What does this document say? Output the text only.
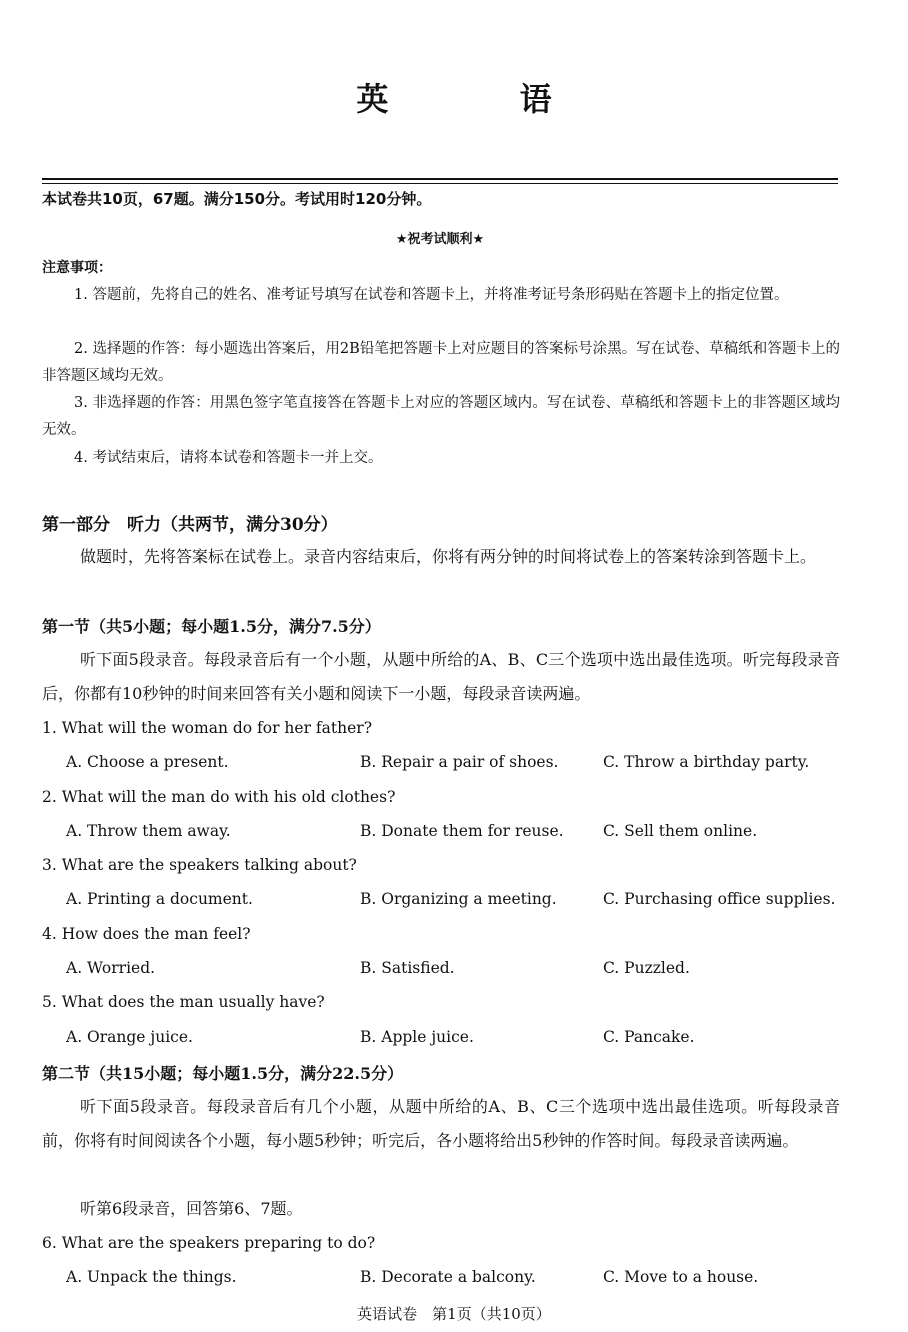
英 语

本试卷共10页，67题。满分150分。考试用时120分钟。

★祝考试顺利★

注意事项：

1. 答题前，先将自己的姓名、准考证号填写在试卷和答题卡上，并将准考证号条形码贴在答题卡上的指定位置。

2. 选择题的作答：每小题选出答案后，用2B铅笔把答题卡上对应题目的答案标号涂黑。写在试卷、草稿纸和答题卡上的非答题区域均无效。

3. 非选择题的作答：用黑色签字笔直接答在答题卡上对应的答题区域内。写在试卷、草稿纸和答题卡上的非答题区域均无效。

4. 考试结束后，请将本试卷和答题卡一并上交。

第一部分　听力（共两节，满分30分）

做题时，先将答案标在试卷上。录音内容结束后，你将有两分钟的时间将试卷上的答案转涂到答题卡上。

第一节（共5小题；每小题1.5分，满分7.5分）

听下面5段录音。每段录音后有一个小题，从题中所给的A、B、C三个选项中选出最佳选项。听完每段录音后，你都有10秒钟的时间来回答有关小题和阅读下一小题，每段录音读两遍。

1. What will the woman do for her father?

A. Choose a present.	B. Repair a pair of shoes.	C. Throw a birthday party.

2. What will the man do with his old clothes?

A. Throw them away.	B. Donate them for reuse.	C. Sell them online.

3. What are the speakers talking about?

A. Printing a document.	B. Organizing a meeting.	C. Purchasing office supplies.

4. How does the man feel?

A. Worried.	B. Satisfied.	C. Puzzled.

5. What does the man usually have?

A. Orange juice.	B. Apple juice.	C. Pancake.

第二节（共15小题；每小题1.5分，满分22.5分）

听下面5段录音。每段录音后有几个小题，从题中所给的A、B、C三个选项中选出最佳选项。听每段录音前，你将有时间阅读各个小题，每小题5秒钟；听完后，各小题将给出5秒钟的作答时间。每段录音读两遍。

听第6段录音，回答第6、7题。

6. What are the speakers preparing to do?

A. Unpack the things.	B. Decorate a balcony.	C. Move to a house.

英语试卷　第1页（共10页）
